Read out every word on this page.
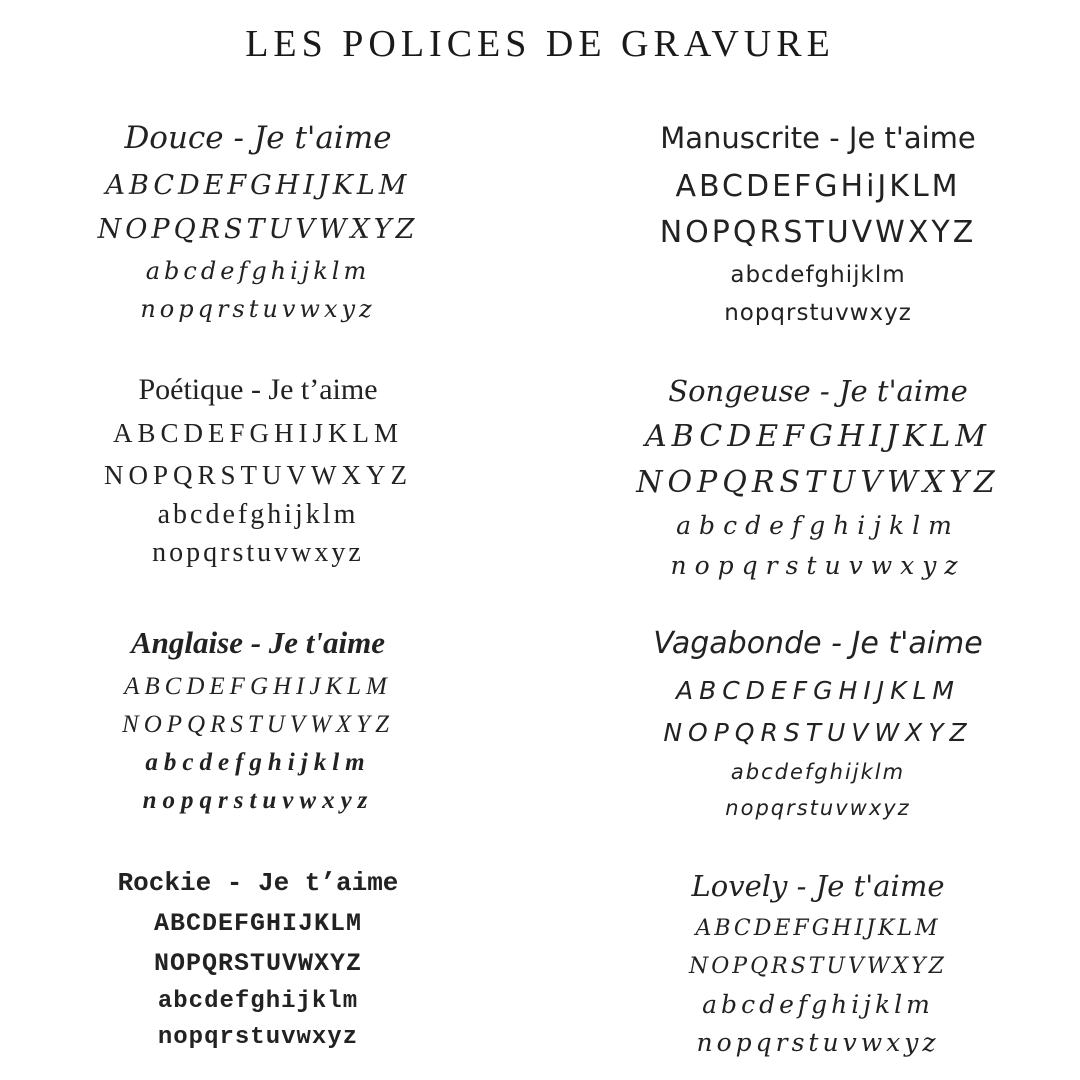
LES POLICES DE GRAVURE
Douce - Je t'aime
ABCDEFGHIJKLM
NOPQRSTUVWXYZ
abcdefghijklm
nopqrstuvwxyz
Manuscrite - Je t'aime
ABCDEFGHiJKLM
NOPQRSTUVWXYZ
abcdefghijklm
nopqrstuvwxyz
Poétique - Je t’aime
ABCDEFGHIJKLM
NOPQRSTUVWXYZ
abcdefghijklm
nopqrstuvwxyz
Songeuse - Je t'aime
ABCDEFGHIJKLM
NOPQRSTUVWXYZ
abcdefghijklm
nopqrstuvwxyz
Anglaise - Je t'aime
ABCDEFGHIJKLM
NOPQRSTUVWXYZ
abcdefghijklm
nopqrstuvwxyz
Vagabonde - Je t'aime
ABCDEFGHIJKLM
NOPQRSTUVWXYZ
abcdefghijklm
nopqrstuvwxyz
Rockie - Je t’aime
ABCDEFGHIJKLM
NOPQRSTUVWXYZ
abcdefghijklm
nopqrstuvwxyz
Lovely - Je t'aime
ABCDEFGHIJKLM
NOPQRSTUVWXYZ
abcdefghijklm
nopqrstuvwxyz
